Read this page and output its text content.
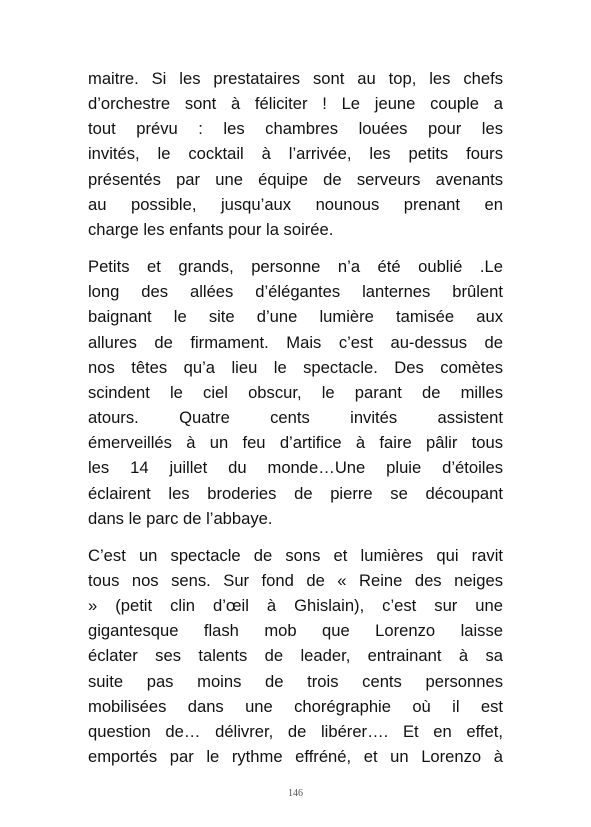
maitre. Si les prestataires sont au top, les chefs
d’orchestre sont à féliciter ! Le jeune couple a
tout prévu : les chambres louées pour les
invités, le cocktail à l’arrivée, les petits fours
présentés par une équipe de serveurs avenants
au possible, jusqu’aux nounous prenant en
charge les enfants pour la soirée.
Petits et grands, personne n’a été oublié .Le
long des allées d’élégantes lanternes brûlent
baignant le site d’une lumière tamisée aux
allures de firmament. Mais c’est au-dessus de
nos têtes qu’a lieu le spectacle. Des comètes
scindent le ciel obscur, le parant de milles
atours. Quatre cents invités assistent
émerveillés à un feu d’artifice à faire pâlir tous
les 14 juillet du monde…Une pluie d’étoiles
éclairent les broderies de pierre se découpant
dans le parc de l’abbaye.
C’est un spectacle de sons et lumières qui ravit
tous nos sens. Sur fond de « Reine des neiges
» (petit clin d’œil à Ghislain), c’est sur une
gigantesque flash mob que Lorenzo laisse
éclater ses talents de leader, entrainant à sa
suite pas moins de trois cents personnes
mobilisées dans une chorégraphie où il est
question de… délivrer, de libérer…. Et en effet,
emportés par le rythme effréné, et un Lorenzo à
146
